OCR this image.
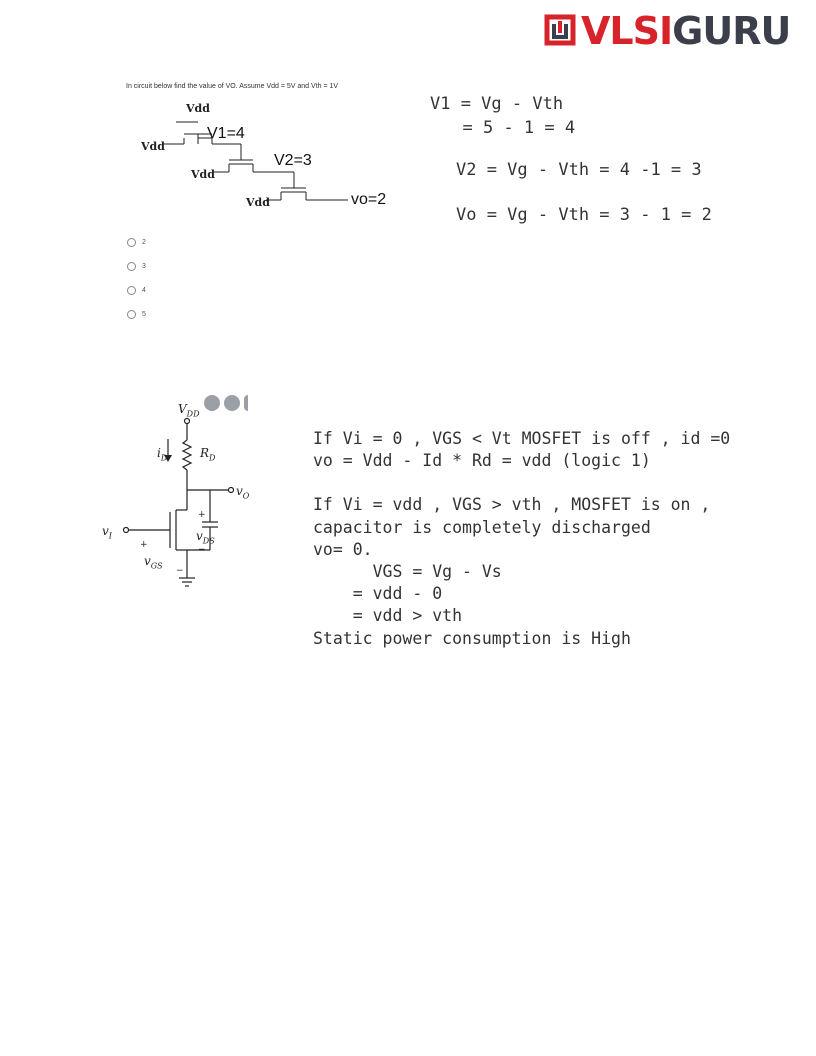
VLSIGURU
In circuit below find the value of VO. Assume Vdd = 5V and Vth = 1V
Vdd
V1=4
Vdd
V2=3
Vdd
Vdd	vo=2
V1 = Vg - Vth
= 5 - 1 = 4
V2 = Vg - Vth = 4 -1 = 3
Vo = Vg - Vth = 3 - 1 = 2
2
3
4
5
$V_{DD}$
$i_D$	$R_D$
$v_O$
$v_I$
+
$v_{DS}$
−
+
$v_{GS}$
−
If Vi = 0 , VGS < Vt MOSFET is off , id =0
vo = Vdd - Id * Rd = vdd (logic 1)
If Vi = vdd , VGS > vth , MOSFET is on ,
capacitor is completely discharged
vo= 0.
VGS = Vg - Vs
= vdd - 0
= vdd > vth
Static power consumption is High
